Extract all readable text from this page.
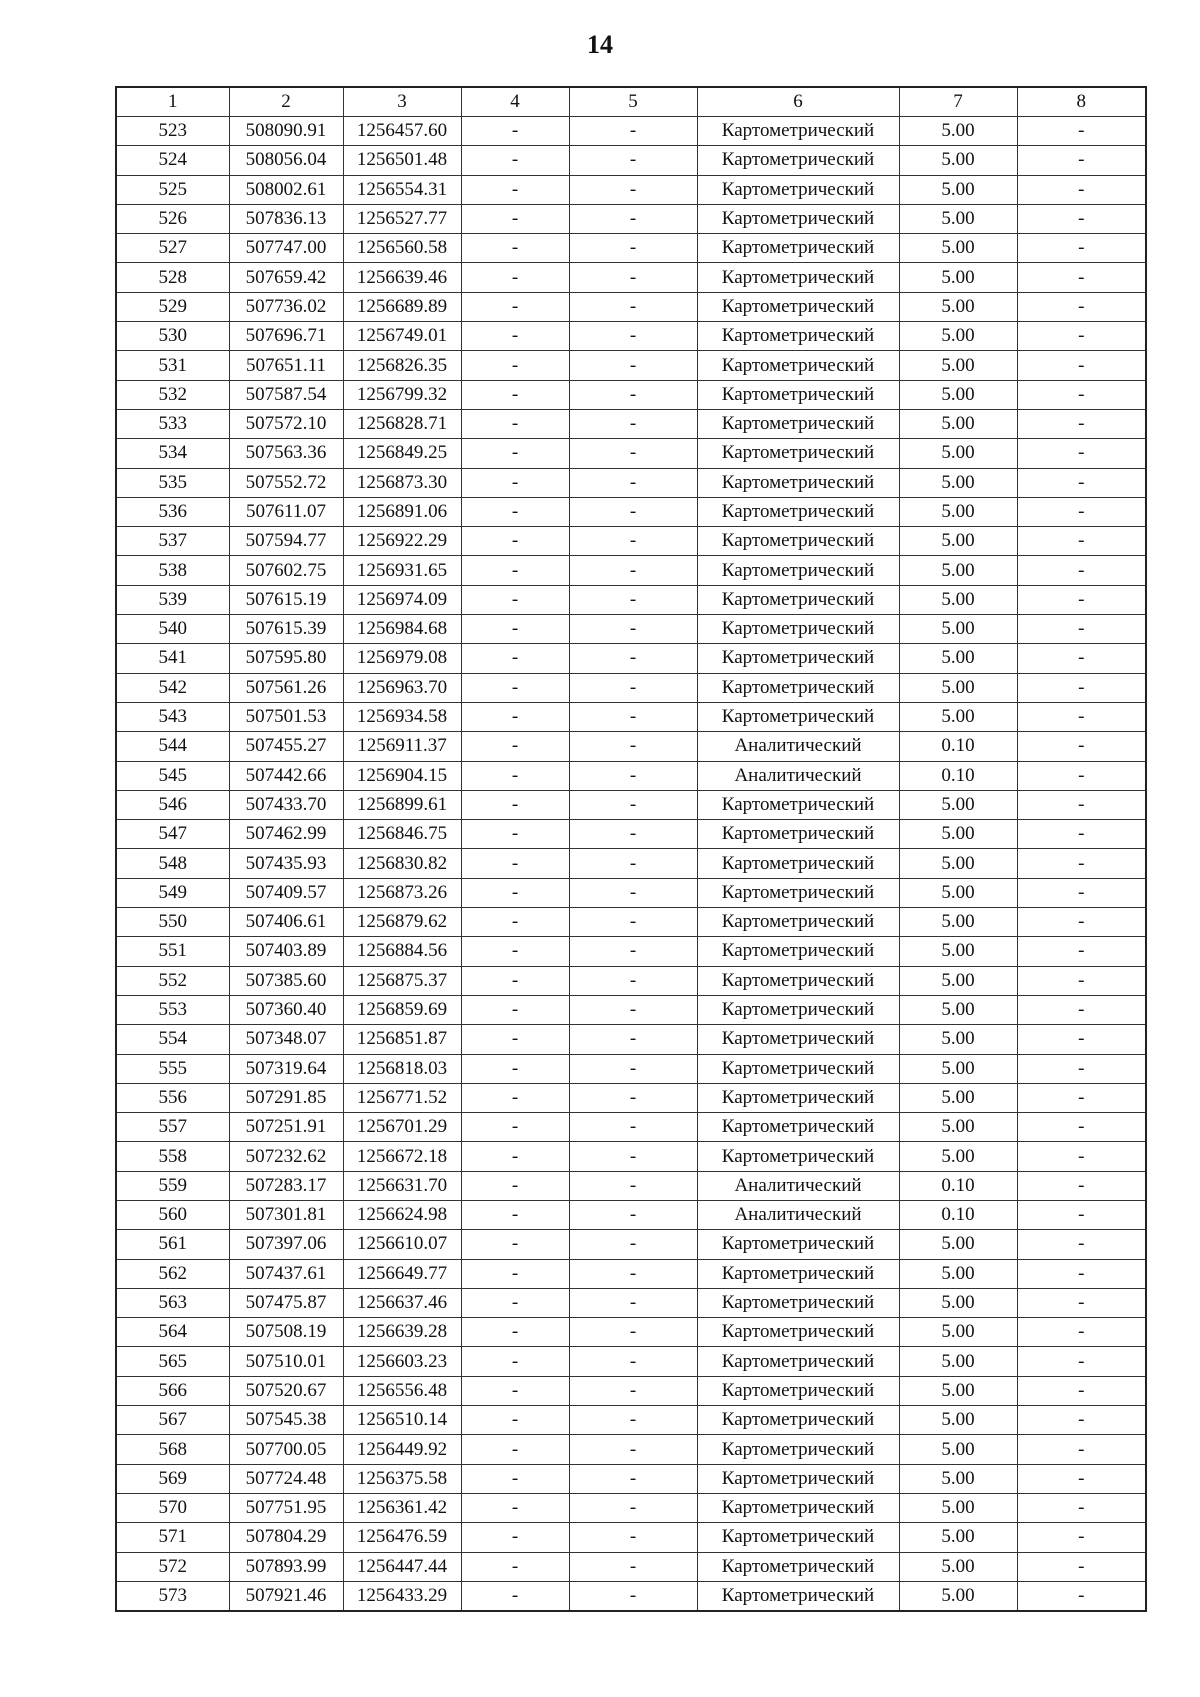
14
1	2	3	4	5	6	7	8
523	508090.91	1256457.60	-	-	Картометрический	5.00	-
524	508056.04	1256501.48	-	-	Картометрический	5.00	-
525	508002.61	1256554.31	-	-	Картометрический	5.00	-
526	507836.13	1256527.77	-	-	Картометрический	5.00	-
527	507747.00	1256560.58	-	-	Картометрический	5.00	-
528	507659.42	1256639.46	-	-	Картометрический	5.00	-
529	507736.02	1256689.89	-	-	Картометрический	5.00	-
530	507696.71	1256749.01	-	-	Картометрический	5.00	-
531	507651.11	1256826.35	-	-	Картометрический	5.00	-
532	507587.54	1256799.32	-	-	Картометрический	5.00	-
533	507572.10	1256828.71	-	-	Картометрический	5.00	-
534	507563.36	1256849.25	-	-	Картометрический	5.00	-
535	507552.72	1256873.30	-	-	Картометрический	5.00	-
536	507611.07	1256891.06	-	-	Картометрический	5.00	-
537	507594.77	1256922.29	-	-	Картометрический	5.00	-
538	507602.75	1256931.65	-	-	Картометрический	5.00	-
539	507615.19	1256974.09	-	-	Картометрический	5.00	-
540	507615.39	1256984.68	-	-	Картометрический	5.00	-
541	507595.80	1256979.08	-	-	Картометрический	5.00	-
542	507561.26	1256963.70	-	-	Картометрический	5.00	-
543	507501.53	1256934.58	-	-	Картометрический	5.00	-
544	507455.27	1256911.37	-	-	Аналитический	0.10	-
545	507442.66	1256904.15	-	-	Аналитический	0.10	-
546	507433.70	1256899.61	-	-	Картометрический	5.00	-
547	507462.99	1256846.75	-	-	Картометрический	5.00	-
548	507435.93	1256830.82	-	-	Картометрический	5.00	-
549	507409.57	1256873.26	-	-	Картометрический	5.00	-
550	507406.61	1256879.62	-	-	Картометрический	5.00	-
551	507403.89	1256884.56	-	-	Картометрический	5.00	-
552	507385.60	1256875.37	-	-	Картометрический	5.00	-
553	507360.40	1256859.69	-	-	Картометрический	5.00	-
554	507348.07	1256851.87	-	-	Картометрический	5.00	-
555	507319.64	1256818.03	-	-	Картометрический	5.00	-
556	507291.85	1256771.52	-	-	Картометрический	5.00	-
557	507251.91	1256701.29	-	-	Картометрический	5.00	-
558	507232.62	1256672.18	-	-	Картометрический	5.00	-
559	507283.17	1256631.70	-	-	Аналитический	0.10	-
560	507301.81	1256624.98	-	-	Аналитический	0.10	-
561	507397.06	1256610.07	-	-	Картометрический	5.00	-
562	507437.61	1256649.77	-	-	Картометрический	5.00	-
563	507475.87	1256637.46	-	-	Картометрический	5.00	-
564	507508.19	1256639.28	-	-	Картометрический	5.00	-
565	507510.01	1256603.23	-	-	Картометрический	5.00	-
566	507520.67	1256556.48	-	-	Картометрический	5.00	-
567	507545.38	1256510.14	-	-	Картометрический	5.00	-
568	507700.05	1256449.92	-	-	Картометрический	5.00	-
569	507724.48	1256375.58	-	-	Картометрический	5.00	-
570	507751.95	1256361.42	-	-	Картометрический	5.00	-
571	507804.29	1256476.59	-	-	Картометрический	5.00	-
572	507893.99	1256447.44	-	-	Картометрический	5.00	-
573	507921.46	1256433.29	-	-	Картометрический	5.00	-
